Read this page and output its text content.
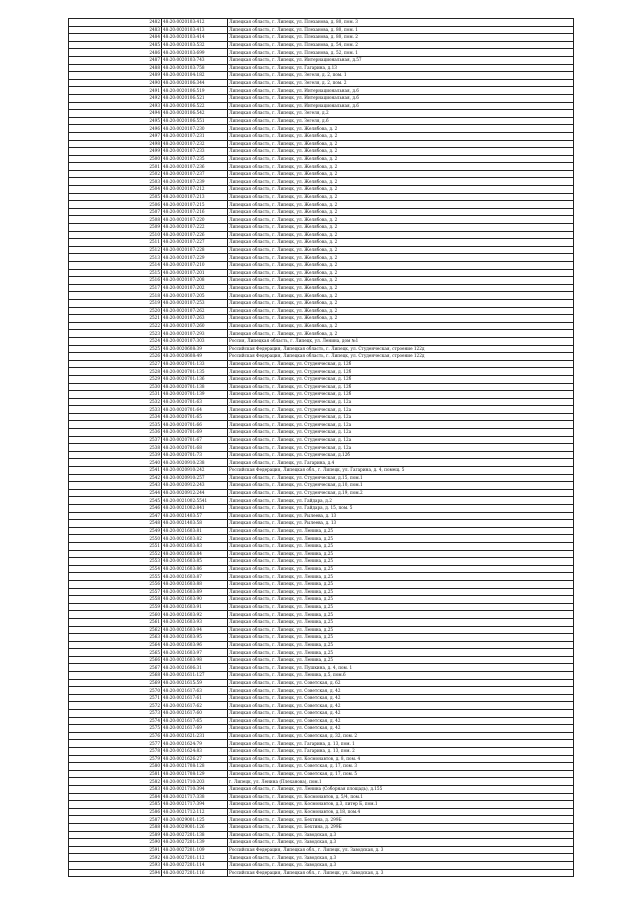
2482	48:20:0020103:412	Липецкая область, г. Липецк, ул. Плеханова, д. 80, пом. 3
2483	48:20:0020103:413	Липецкая область, г. Липецк, ул. Плеханова, д. 80, пом. 1
2484	48:20:0020103:414	Липецкая область, г. Липецк, ул. Плеханова, д. 80, пом. 2
2485	48:20:0020103:532	Липецкая область, г. Липецк, ул. Плеханова, д. 54, пом. 2
2486	48:20:0020103:699	Липецкая область, г. Липецк, ул. Плеханова, д. 52, пом. 1
2487	48:20:0020103:743	Липецкая область, г. Липецк, ул. Интернациональная, д.57
2488	48:20:0020103:758	Липецкая область, г. Липецк, ул. Гагарина, д.13
2489	48:20:0020104:182	Липецкая область, г. Липецк, ул. Зегеля, д. 2, пом. 1
2490	48:20:0020106:344	Липецкая область, г. Липецк, ул. Зегеля, д. 2, пом. 2
2491	48:20:0020106:519	Липецкая область, г. Липецк, ул. Интернациональная, д.6
2492	48:20:0020106:521	Липецкая область, г. Липецк, ул. Интернациональная, д.6
2493	48:20:0020106:522	Липецкая область, г. Липецк, ул. Интернациональная, д.6
2494	48:20:0020106:542	Липецкая область, г. Липецк, ул. Зегеля, д.2
2495	48:20:0020106:551	Липецкая область, г. Липецк, ул. Зегеля, д.6
2496	48:20:0020107:230	Липецкая область, г. Липецк, ул. Желябова, д. 2
2497	48:20:0020107:231	Липецкая область, г. Липецк, ул. Желябова, д. 2
2498	48:20:0020107:232	Липецкая область, г. Липецк, ул. Желябова, д. 2
2499	48:20:0020107:233	Липецкая область, г. Липецк, ул. Желябова, д. 2
2500	48:20:0020107:235	Липецкая область, г. Липецк, ул. Желябова, д. 2
2501	48:20:0020107:236	Липецкая область, г. Липецк, ул. Желябова, д. 2
2502	48:20:0020107:237	Липецкая область, г. Липецк, ул. Желябова, д. 2
2503	48:20:0020107:239	Липецкая область, г. Липецк, ул. Желябова, д. 2
2504	48:20:0020107:212	Липецкая область, г. Липецк, ул. Желябова, д. 2
2505	48:20:0020107:213	Липецкая область, г. Липецк, ул. Желябова, д. 2
2506	48:20:0020107:215	Липецкая область, г. Липецк, ул. Желябова, д. 2
2507	48:20:0020107:216	Липецкая область, г. Липецк, ул. Желябова, д. 2
2508	48:20:0020107:220	Липецкая область, г. Липецк, ул. Желябова, д. 2
2509	48:20:0020107:222	Липецкая область, г. Липецк, ул. Желябова, д. 2
2510	48:20:0020107:226	Липецкая область, г. Липецк, ул. Желябова, д. 2
2511	48:20:0020107:227	Липецкая область, г. Липецк, ул. Желябова, д. 2
2512	48:20:0020107:228	Липецкая область, г. Липецк, ул. Желябова, д. 2
2513	48:20:0020107:229	Липецкая область, г. Липецк, ул. Желябова, д. 2
2514	48:20:0020107:210	Липецкая область, г. Липецк, ул. Желябова, д. 2
2515	48:20:0020107:201	Липецкая область, г. Липецк, ул. Желябова, д. 2
2516	48:20:0020107:208	Липецкая область, г. Липецк, ул. Желябова, д. 2
2517	48:20:0020107:202	Липецкая область, г. Липецк, ул. Желябова, д. 2
2518	48:20:0020107:205	Липецкая область, г. Липецк, ул. Желябова, д. 2
2519	48:20:0020107:253	Липецкая область, г. Липецк, ул. Желябова, д. 2
2520	48:20:0020107:262	Липецкая область, г. Липецк, ул. Желябова, д. 2
2521	48:20:0020107:263	Липецкая область, г. Липецк, ул. Желябова, д. 2
2522	48:20:0020107:260	Липецкая область, г. Липецк, ул. Желябова, д. 2
2523	48:20:0020107:293	Липецкая область, г. Липецк, ул. Желябова, д. 2
2524	48:20:0020107:303	Россия, Липецкая область, г. Липецк, ул. Ленина, дом №1
2525	48:20:0020608:39	Российская Федерация, Липецкая область, г. Липецк, ул. Студенческая, строение 122д
2526	48:20:0020608:49	Российская Федерация, Липецкая область, г. Липецк, ул. Студенческая, строение 122д
2527	48:20:0020701:133	Липецкая область, г. Липецк, ул. Студенческая, д. 12б
2528	48:20:0020701:135	Липецкая область, г. Липецк, ул. Студенческая, д. 12б
2529	48:20:0020701:136	Липецкая область, г. Липецк, ул. Студенческая, д. 12б
2530	48:20:0020701:138	Липецкая область, г. Липецк, ул. Студенческая, д. 12б
2531	48:20:0020701:139	Липецкая область, г. Липецк, ул. Студенческая, д. 12б
2532	48:20:0020701:63	Липецкая область, г. Липецк, ул. Студенческая, д. 12а
2533	48:20:0020701:64	Липецкая область, г. Липецк, ул. Студенческая, д. 12а
2534	48:20:0020701:65	Липецкая область, г. Липецк, ул. Студенческая, д. 12а
2535	48:20:0020701:66	Липецкая область, г. Липецк, ул. Студенческая, д. 12а
2536	48:20:0020701:69	Липецкая область, г. Липецк, ул. Студенческая, д. 12а
2537	48:20:0020701:67	Липецкая область, г. Липецк, ул. Студенческая, д. 12а
2538	48:20:0020701:68	Липецкая область, г. Липецк, ул. Студенческая, д. 12а
2539	48:20:0020701:73	Липецкая область, г. Липецк, ул. Студенческая, д.12б
2540	48:20:0020910:238	Липецкая область, г. Липецк, ул. Гагарина, д.4
2541	48:20:0020910:242	Российская Федерация, Липецкая обл., г. Липецк, ул. Гагарина, д. 4, помещ. 5
2542	48:20:0020910:257	Липецкая область, г. Липецк, ул. Студенческая, д.15, пом.1
2543	48:20:0020912:243	Липецкая область, г. Липецк, ул. Студенческая, д.10, пом.1
2544	48:20:0020912:244	Липецкая область, г. Липецк, ул. Студенческая, д.19, пом.2
2545	48:20:0021002:5541	Липецкая область, г. Липецк, ул. Гайдара, д.2
2546	48:20:0021002:841	Липецкая область, г. Липецк, ул. Гайдара, д. 15, пом. 5
2547	48:20:0021403:57	Липецкая область, г. Липецк, ул. Рылеева, д. 13
2548	48:20:0021403:58	Липецкая область, г. Липецк, ул. Рылеева, д. 13
2549	48:20:0021603:81	Липецкая область, г. Липецк, ул. Ленина, д.25
2550	48:20:0021603:82	Липецкая область, г. Липецк, ул. Ленина, д.25
2551	48:20:0021603:83	Липецкая область, г. Липецк, ул. Ленина, д.25
2552	48:20:0021603:84	Липецкая область, г. Липецк, ул. Ленина, д.25
2553	48:20:0021603:85	Липецкая область, г. Липецк, ул. Ленина, д.25
2554	48:20:0021603:86	Липецкая область, г. Липецк, ул. Ленина, д.25
2555	48:20:0021603:87	Липецкая область, г. Липецк, ул. Ленина, д.25
2556	48:20:0021603:88	Липецкая область, г. Липецк, ул. Ленина, д.25
2557	48:20:0021603:89	Липецкая область, г. Липецк, ул. Ленина, д.25
2558	48:20:0021603:90	Липецкая область, г. Липецк, ул. Ленина, д.25
2559	48:20:0021603:91	Липецкая область, г. Липецк, ул. Ленина, д.25
2560	48:20:0021603:92	Липецкая область, г. Липецк, ул. Ленина, д.25
2561	48:20:0021603:93	Липецкая область, г. Липецк, ул. Ленина, д.25
2562	48:20:0021603:94	Липецкая область, г. Липецк, ул. Ленина, д.25
2563	48:20:0021603:95	Липецкая область, г. Липецк, ул. Ленина, д.25
2564	48:20:0021603:96	Липецкая область, г. Липецк, ул. Ленина, д.25
2565	48:20:0021603:97	Липецкая область, г. Липецк, ул. Ленина, д.25
2566	48:20:0021603:98	Липецкая область, г. Липецк, ул. Ленина, д.25
2567	48:20:0021606:31	Липецкая область, г. Липецк, ул. Пушкина, д. 4, пом. 1
2568	48:20:0021611:127	Липецкая область, г. Липецк, ул. Ленина, д.5, пом.6
2569	48:20:0021615:59	Липецкая область, г. Липецк, ул. Советская, д. 62
2570	48:20:0021617:63	Липецкая область, г. Липецк, ул. Советская, д. 42
2571	48:20:0021617:61	Липецкая область, г. Липецк, ул. Советская, д. 42
2572	48:20:0021617:62	Липецкая область, г. Липецк, ул. Советская, д. 42
2573	48:20:0021617:60	Липецкая область, г. Липецк, ул. Советская, д. 42
2574	48:20:0021617:65	Липецкая область, г. Липецк, ул. Советская, д. 42
2575	48:20:0021617:69	Липецкая область, г. Липецк, ул. Советская, д. 42
2576	48:20:0021621:231	Липецкая область, г. Липецк, ул. Советская, д. 32, пом. 2
2577	48:20:0021624:79	Липецкая область, г. Липецк, ул. Гагарина, д. 13, пом. 1
2578	48:20:0021624:83	Липецкая область, г. Липецк, ул. Гагарина, д. 13, пом. 2
2579	48:20:0021626:27	Липецкая область, г. Липецк, ул. Космонавтов, д. 8, пом. 4
2580	48:20:0021708:128	Липецкая область, г. Липецк, ул. Советская, д. 17, пом. 3
2581	48:20:0021708:129	Липецкая область, г. Липецк, ул. Советская, д. 17, пом. 5
2582	48:20:0021710:203	г. Липецк, ул. Ленина (Плеханова), пом.1
2583	48:20:0021710:394	Липецкая область, г. Липецк, ул. Ленина (Соборная площадь), д.155
2584	48:20:0021717:338	Липецкая область, г. Липецк, ул. Космонавтов, д. 5/4, пом.1
2585	48:20:0021717:394	Липецкая область, г. Липецк, ул. Космонавтов, д.3, литер Б, пом.1
2586	48:20:0021712:112	Липецкая область, г. Липецк, ул. Космонавтов, д.18, пом.4
2587	48:20:0029001:125	Липецкая область, г. Липецк, ул. Бехтина, д. 299Б
2588	48:20:0029001:126	Липецкая область, г. Липецк, ул. Бехтина, д. 299Б
2589	48:20:0027201:138	Липецкая область, г. Липецк, ул. Заводская, д.3
2590	48:20:0027201:139	Липецкая область, г. Липецк, ул. Заводская, д.3
2591	48:20:0027201:109	Российская Федерация, Липецкая обл., г. Липецк, ул. Заводская, д. 3
2592	48:20:0027201:112	Липецкая область, г. Липецк, ул. Заводская, д.3
2593	48:20:0027201:114	Липецкая область, г. Липецк, ул. Заводская, д.3
2594	48:20:0027201:116	Российская Федерация, Липецкая обл., г. Липецк, ул. Заводская, д. 3
